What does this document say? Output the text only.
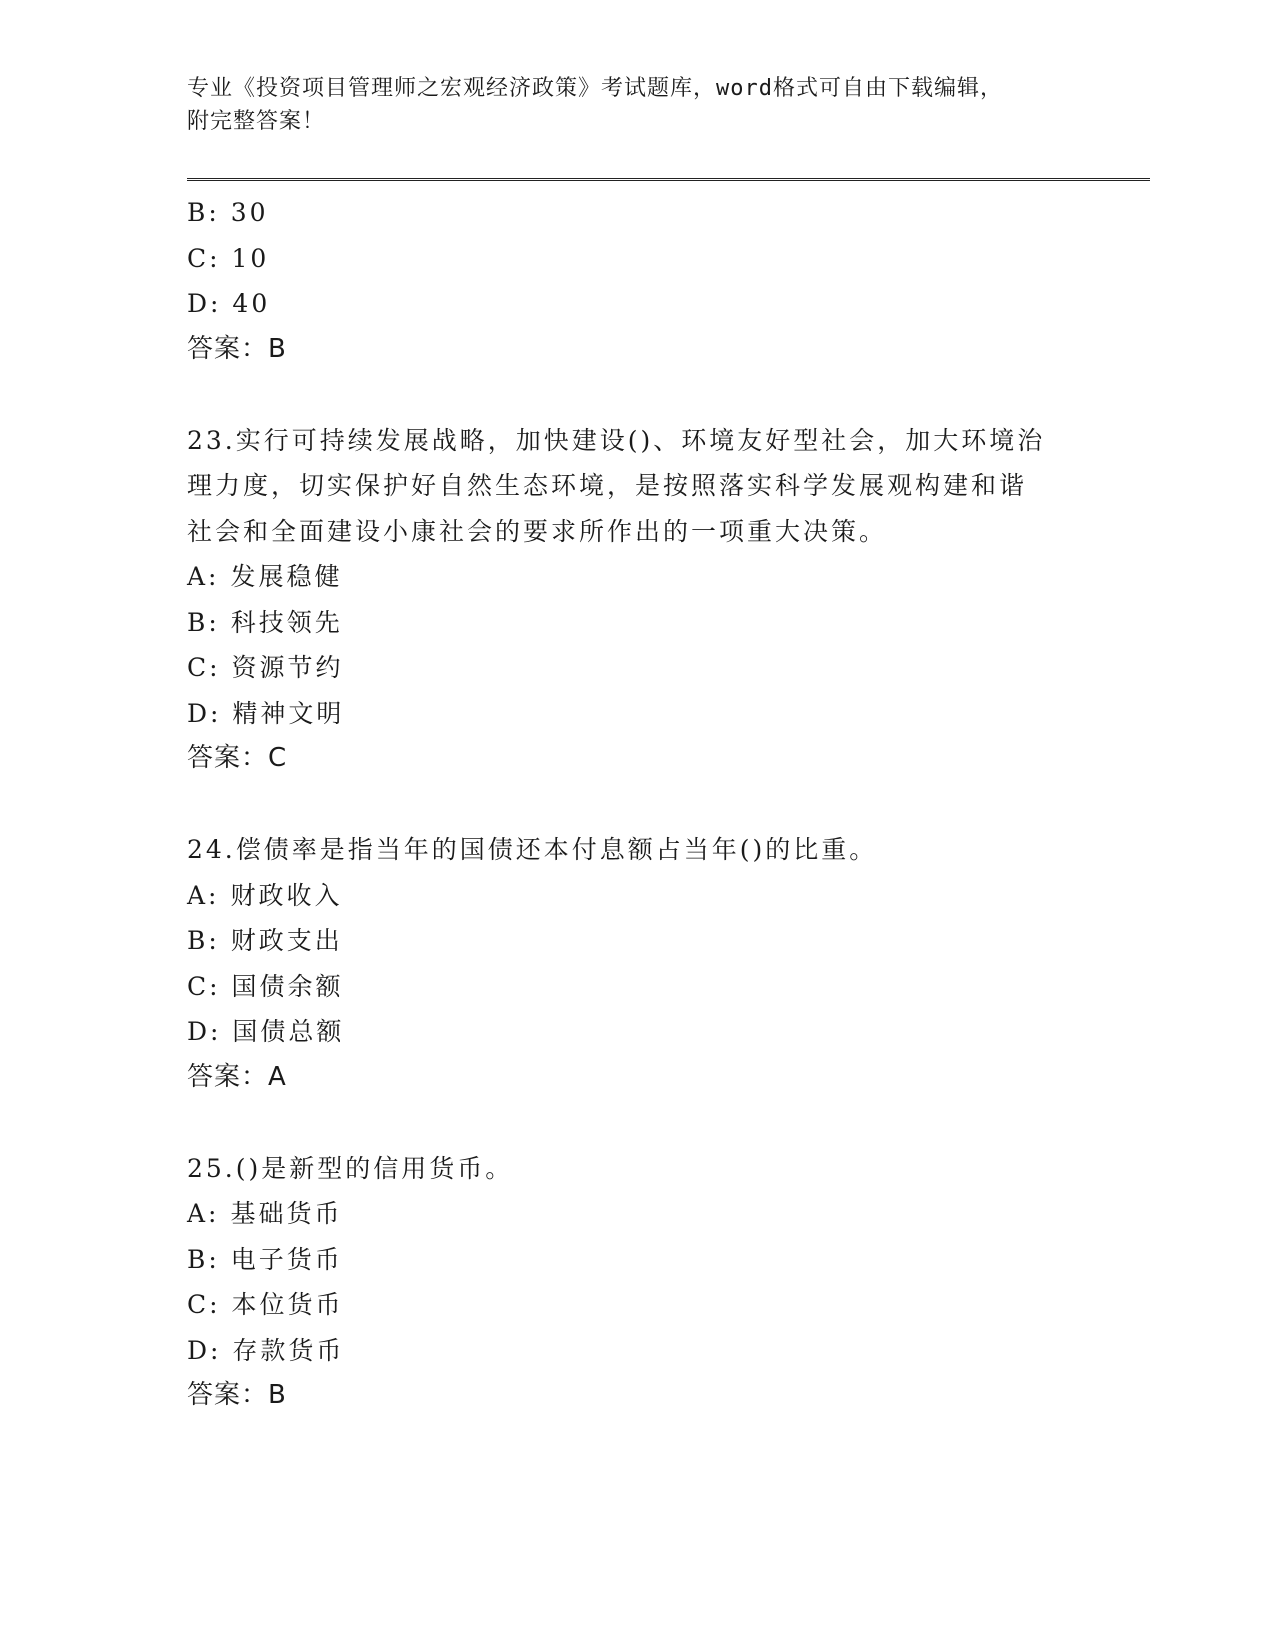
专业《投资项目管理师之宏观经济政策》考试题库，word格式可自由下载编辑，
附完整答案！
B: 30
C: 10
D: 40
答案：B
23.实行可持续发展战略，加快建设()、环境友好型社会，加大环境治
理力度，切实保护好自然生态环境，是按照落实科学发展观构建和谐
社会和全面建设小康社会的要求所作出的一项重大决策。
A: 发展稳健
B: 科技领先
C: 资源节约
D: 精神文明
答案：C
24.偿债率是指当年的国债还本付息额占当年()的比重。
A: 财政收入
B: 财政支出
C: 国债余额
D: 国债总额
答案：A
25.()是新型的信用货币。
A: 基础货币
B: 电子货币
C: 本位货币
D: 存款货币
答案：B
